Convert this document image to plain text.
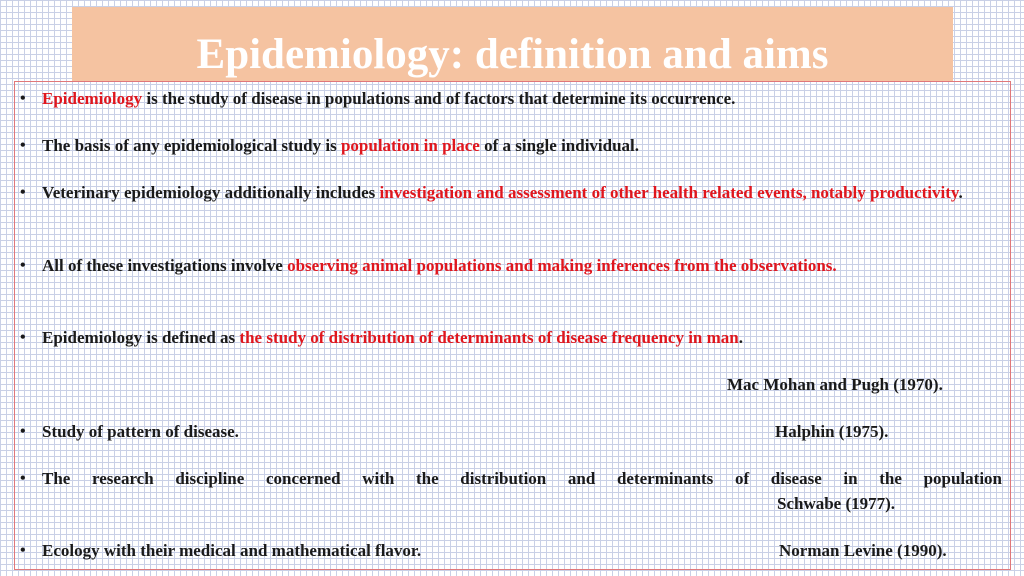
Epidemiology: definition and aims
• Epidemiology is the study of disease in populations and of factors that determine its occurrence.
• The basis of any epidemiological study is population in place of a single individual.
• Veterinary epidemiology additionally includes investigation and assessment of other health related events, notably productivity.
• All of these investigations involve observing animal populations and making inferences from the observations.
• Epidemiology is defined as the study of distribution of determinants of disease frequency in man.
Mac Mohan and Pugh (1970).
• Study of pattern of disease.	Halphin (1975).
• The research discipline concerned with the distribution and determinants of disease in the population
Schwabe (1977).
• Ecology with their medical and mathematical flavor.	Norman Levine (1990).
